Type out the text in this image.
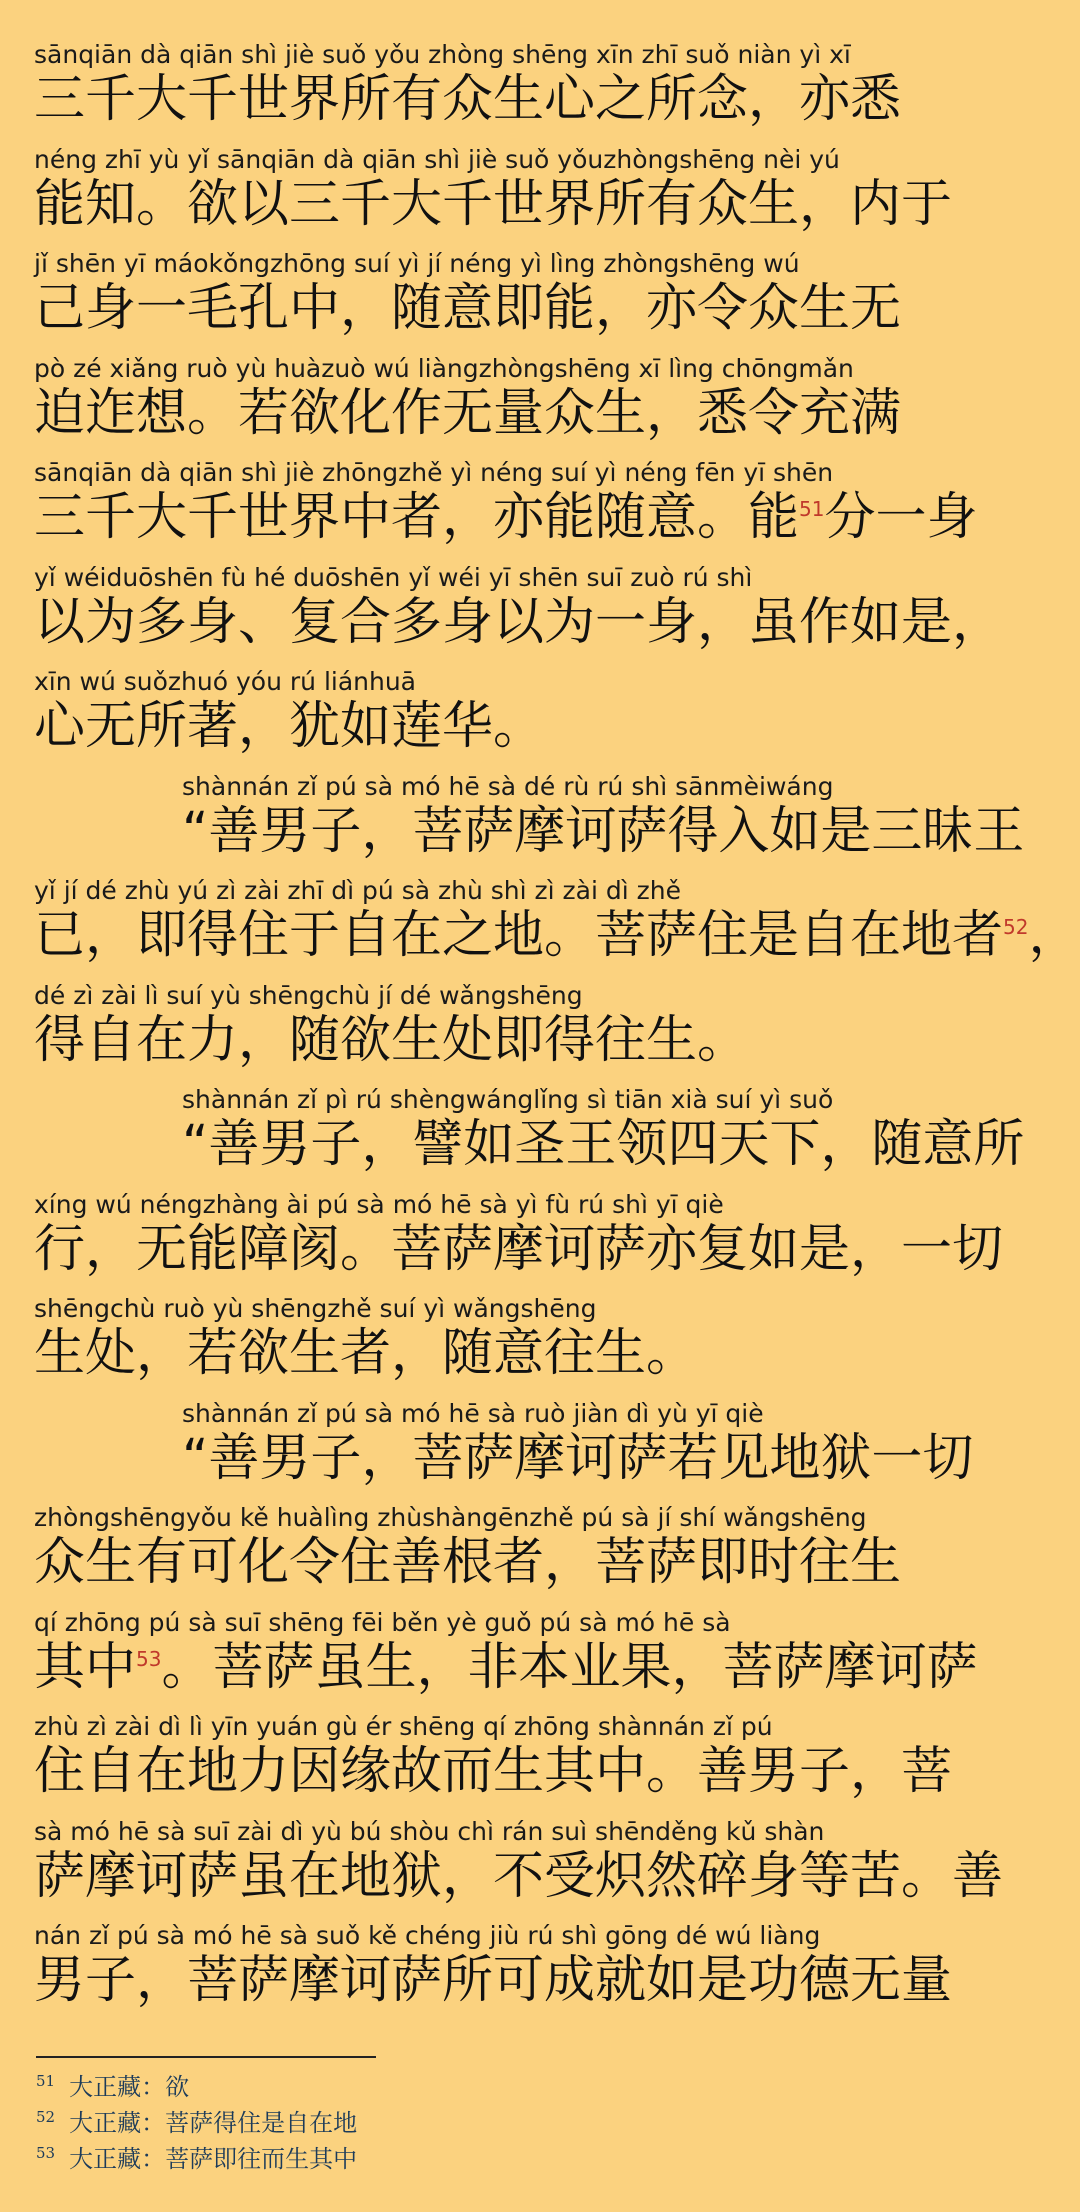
sānqiān dà qiān shì jiè suǒ yǒu zhòng shēng xīn zhī suǒ niàn yì xī
三千大千世界所有众生心之所念，亦悉
néng zhī yù yǐ sānqiān dà qiān shì jiè suǒ yǒuzhòngshēng nèi yú
能知。欲以三千大千世界所有众生，内于
jǐ shēn yī máokǒngzhōng suí yì jí néng yì lìng zhòngshēng wú
己身一毛孔中，随意即能，亦令众生无
pò zé xiǎng ruò yù huàzuò wú liàngzhòngshēng xī lìng chōngmǎn
迫迮想。若欲化作无量众生，悉令充满
sānqiān dà qiān shì jiè zhōngzhě yì néng suí yì néng fēn yī shēn
三千大千世界中者，亦能随意。能$^{51}$分一身
yǐ wéiduōshēn fù hé duōshēn yǐ wéi yī shēn suī zuò rú shì
以为多身、复合多身以为一身，虽作如是，
xīn wú suǒzhuó yóu rú liánhuā
心无所著，犹如莲华。
shànnán zǐ pú sà mó hē sà dé rù rú shì sānmèiwáng
“善男子，菩萨摩诃萨得入如是三昧王
yǐ jí dé zhù yú zì zài zhī dì pú sà zhù shì zì zài dì zhě
已，即得住于自在之地。菩萨住是自在地者$^{52}$，
dé zì zài lì suí yù shēngchù jí dé wǎngshēng
得自在力，随欲生处即得往生。
shànnán zǐ pì rú shèngwánglǐng sì tiān xià suí yì suǒ
“善男子，譬如圣王领四天下，随意所
xíng wú néngzhàng ài pú sà mó hē sà yì fù rú shì yī qiè
行，无能障阂。菩萨摩诃萨亦复如是，一切
shēngchù ruò yù shēngzhě suí yì wǎngshēng
生处，若欲生者，随意往生。
shànnán zǐ pú sà mó hē sà ruò jiàn dì yù yī qiè
“善男子，菩萨摩诃萨若见地狱一切
zhòngshēngyǒu kě huàlìng zhùshàngēnzhě pú sà jí shí wǎngshēng
众生有可化令住善根者，菩萨即时往生
qí zhōng pú sà suī shēng fēi běn yè guǒ pú sà mó hē sà
其中$^{53}$。菩萨虽生，非本业果，菩萨摩诃萨
zhù zì zài dì lì yīn yuán gù ér shēng qí zhōng shànnán zǐ pú
住自在地力因缘故而生其中。善男子，菩
sà mó hē sà suī zài dì yù bú shòu chì rán suì shēnděng kǔ shàn
萨摩诃萨虽在地狱，不受炽然碎身等苦。善
nán zǐ pú sà mó hē sà suǒ kě chéng jiù rú shì gōng dé wú liàng
男子，菩萨摩诃萨所可成就如是功德无量
$^{51}$ 大正藏：欲
$^{52}$ 大正藏：菩萨得住是自在地
$^{53}$ 大正藏：菩萨即往而生其中
